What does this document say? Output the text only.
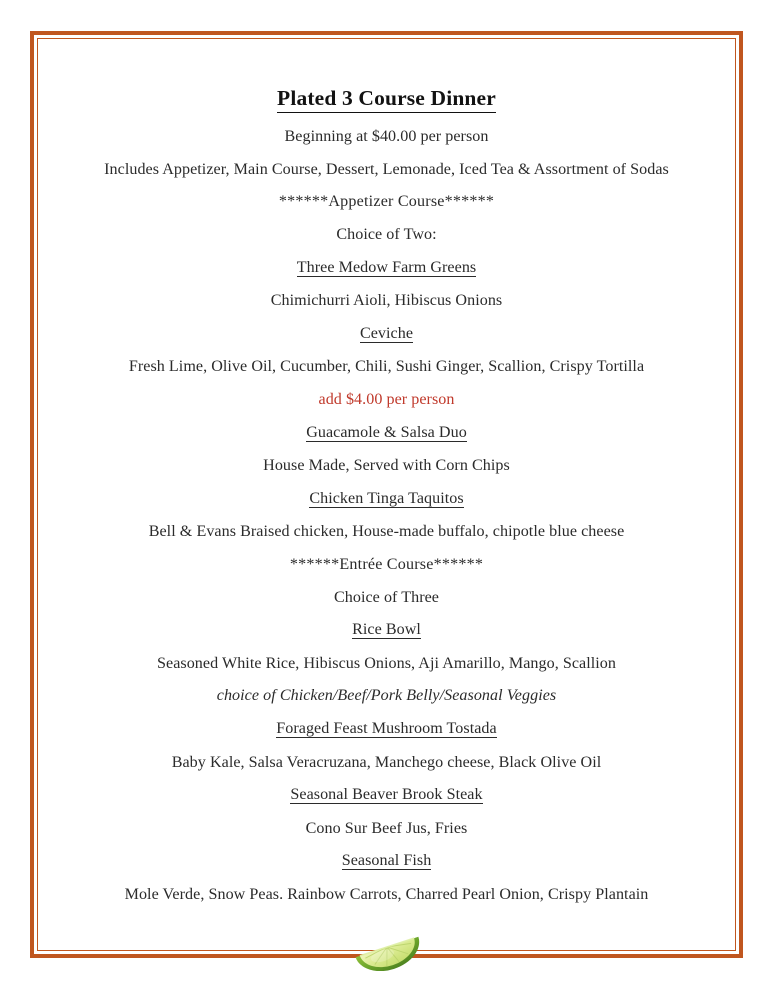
Plated 3 Course Dinner

Beginning at $40.00 per person

Includes Appetizer, Main Course, Dessert, Lemonade, Iced Tea & Assortment of Sodas

******Appetizer Course******

Choice of Two:

Three Medow Farm Greens

Chimichurri Aioli, Hibiscus Onions

Ceviche

Fresh Lime, Olive Oil, Cucumber, Chili, Sushi Ginger, Scallion, Crispy Tortilla

add $4.00 per person

Guacamole & Salsa Duo

House Made, Served with Corn Chips

Chicken Tinga Taquitos

Bell & Evans Braised chicken, House-made buffalo, chipotle blue cheese

******Entrée Course******

Choice of Three

Rice Bowl

Seasoned White Rice, Hibiscus Onions, Aji Amarillo, Mango, Scallion

choice of Chicken/Beef/Pork Belly/Seasonal Veggies

Foraged Feast Mushroom Tostada

Baby Kale, Salsa Veracruzana, Manchego cheese, Black Olive Oil

Seasonal Beaver Brook Steak

Cono Sur Beef Jus, Fries

Seasonal Fish

Mole Verde, Snow Peas. Rainbow Carrots, Charred Pearl Onion, Crispy Plantain
